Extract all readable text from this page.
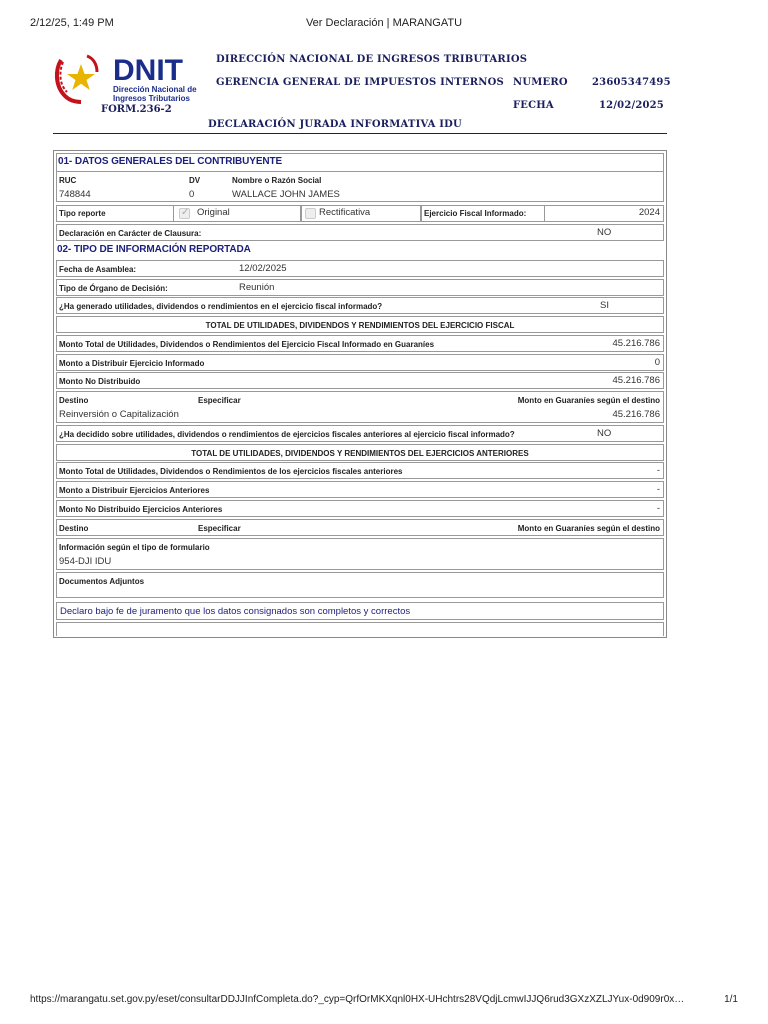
2/12/25, 1:49 PM	Ver Declaración | MARANGATU
DNIT
Dirección Nacional de
Ingresos Tributarios
FORM.236-2
DIRECCIÓN NACIONAL DE INGRESOS TRIBUTARIOS
GERENCIA GENERAL DE IMPUESTOS INTERNOS NUMERO 23605347495
FECHA	12/02/2025
DECLARACIÓN JURADA INFORMATIVA IDU
01- DATOS GENERALES DEL CONTRIBUYENTE
RUC
748844
DV
0
Nombre o Razón Social
WALLACE JOHN JAMES
Tipo reporte
✓	Original	Rectificativa	Ejercicio Fiscal Informado:	2024
Declaración en Carácter de Clausura:	NO
02- TIPO DE INFORMACIÓN REPORTADA
Fecha de Asamblea:	12/02/2025
Tipo de Órgano de Decisión:	Reunión
¿Ha generado utilidades, dividendos o rendimientos en el ejercicio fiscal informado?	SI
TOTAL DE UTILIDADES, DIVIDENDOS Y RENDIMIENTOS DEL EJERCICIO FISCAL
Monto Total de Utilidades, Dividendos o Rendimientos del Ejercicio Fiscal Informado en Guaraníes	45.216.786
Monto a Distribuir Ejercicio Informado	0
Monto No Distribuido	45.216.786
Destino	Especificar	Monto en Guaraníes según el destino
Reinversión o Capitalización	45.216.786
¿Ha decidido sobre utilidades, dividendos o rendimientos de ejercicios fiscales anteriores al ejercicio fiscal informado?	NO
TOTAL DE UTILIDADES, DIVIDENDOS Y RENDIMIENTOS DEL EJERCICIOS ANTERIORES
Monto Total de Utilidades, Dividendos o Rendimientos de los ejercicios fiscales anteriores	-
Monto a Distribuir Ejercicios Anteriores	-
Monto No Distribuido Ejercicios Anteriores	-
Destino	Especificar	Monto en Guaraníes según el destino
Información según el tipo de formulario
954-DJI IDU
Documentos Adjuntos
Declaro bajo fe de juramento que los datos consignados son completos y correctos
https://marangatu.set.gov.py/eset/consultarDDJJInfCompleta.do?_cyp=QrfOrMKXqnl0HX-UHchtrs28VQdjLcmwIJJQ6rud3GXzXZLJYux-0d909r0x…	1/1
